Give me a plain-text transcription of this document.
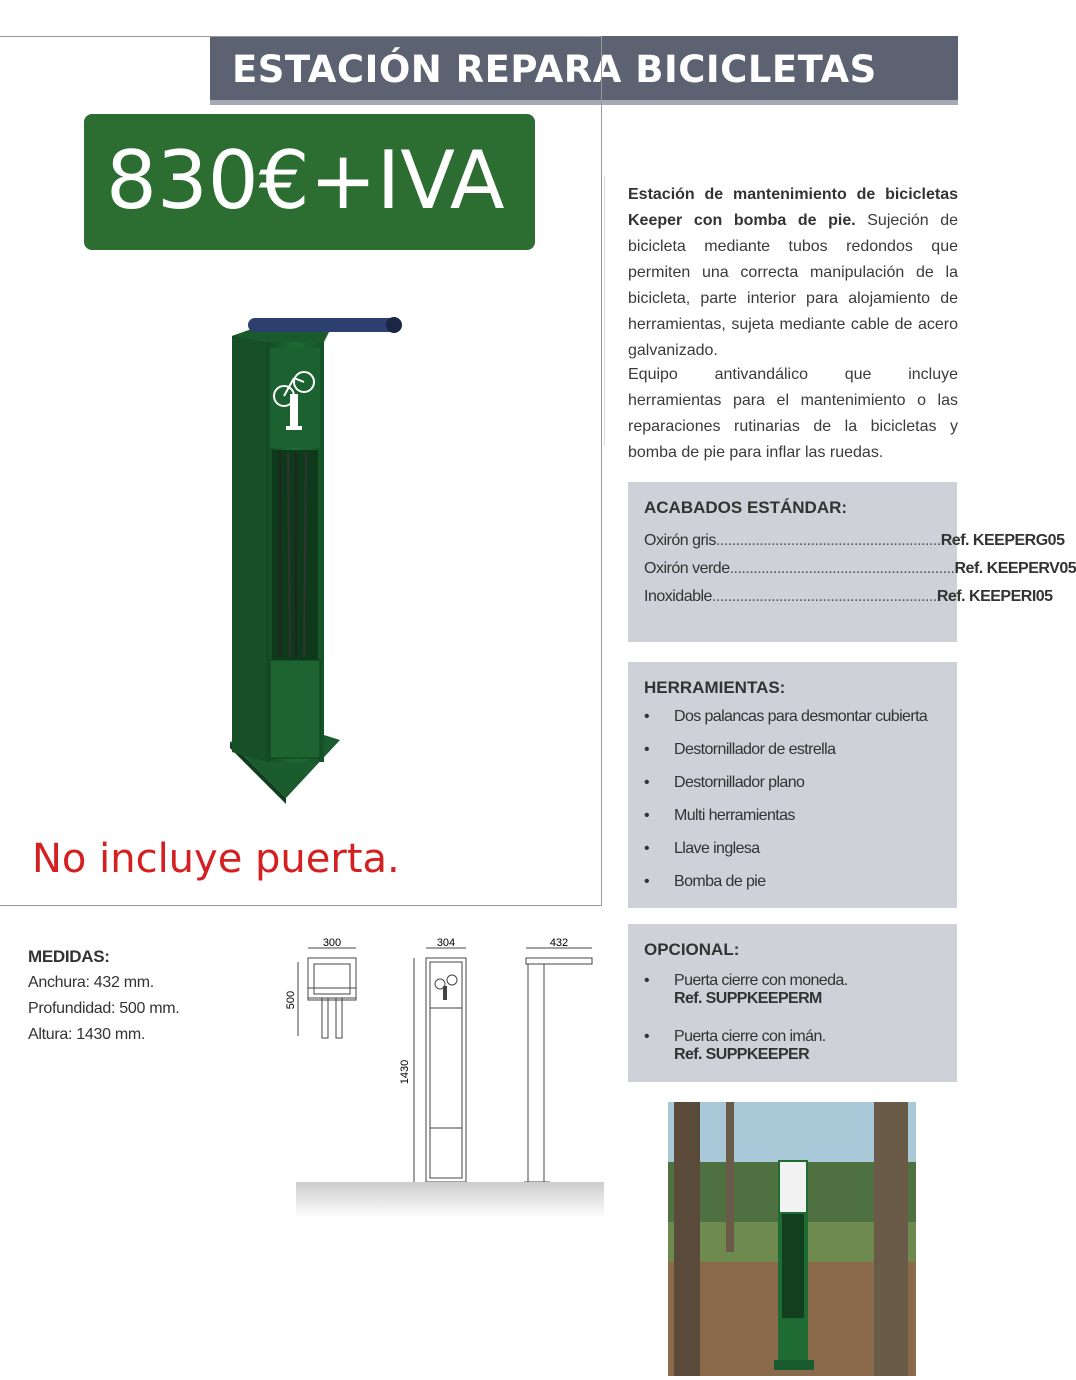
ESTACIÓN REPARA BICICLETAS
830€+IVA
No incluye puerta.
Estación de mantenimiento de bicicletas Keeper con bomba de pie. Sujeción de bicicleta mediante tubos redondos que permiten una correcta manipulación de la bicicleta, parte interior para alojamiento de herramientas, sujeta mediante cable de acero galvanizado.
Equipo antivandálico que incluye herramientas para el mantenimiento o las reparaciones rutinarias de la bicicletas y bomba de pie para inflar las ruedas.
ACABADOS ESTÁNDAR:
Oxirón gris ......................................................... Ref. KEEPERG05
Oxirón verde ......................................................... Ref. KEEPERV05
Inoxidable ......................................................... Ref. KEEPERI05
HERRAMIENTAS:
•	Dos palancas para desmontar cubierta
•	Destornillador de estrella
•	Destornillador plano
•	Multi herramientas
•	Llave inglesa
•	Bomba de pie
OPCIONAL:
•	Puerta cierre con moneda.
Ref. SUPPKEEPERM
•	Puerta cierre con imán.
Ref. SUPPKEEPER
MEDIDAS:
Anchura: 432 mm.
Profundidad: 500 mm.
Altura: 1430 mm.
300
500
304
1430
432
